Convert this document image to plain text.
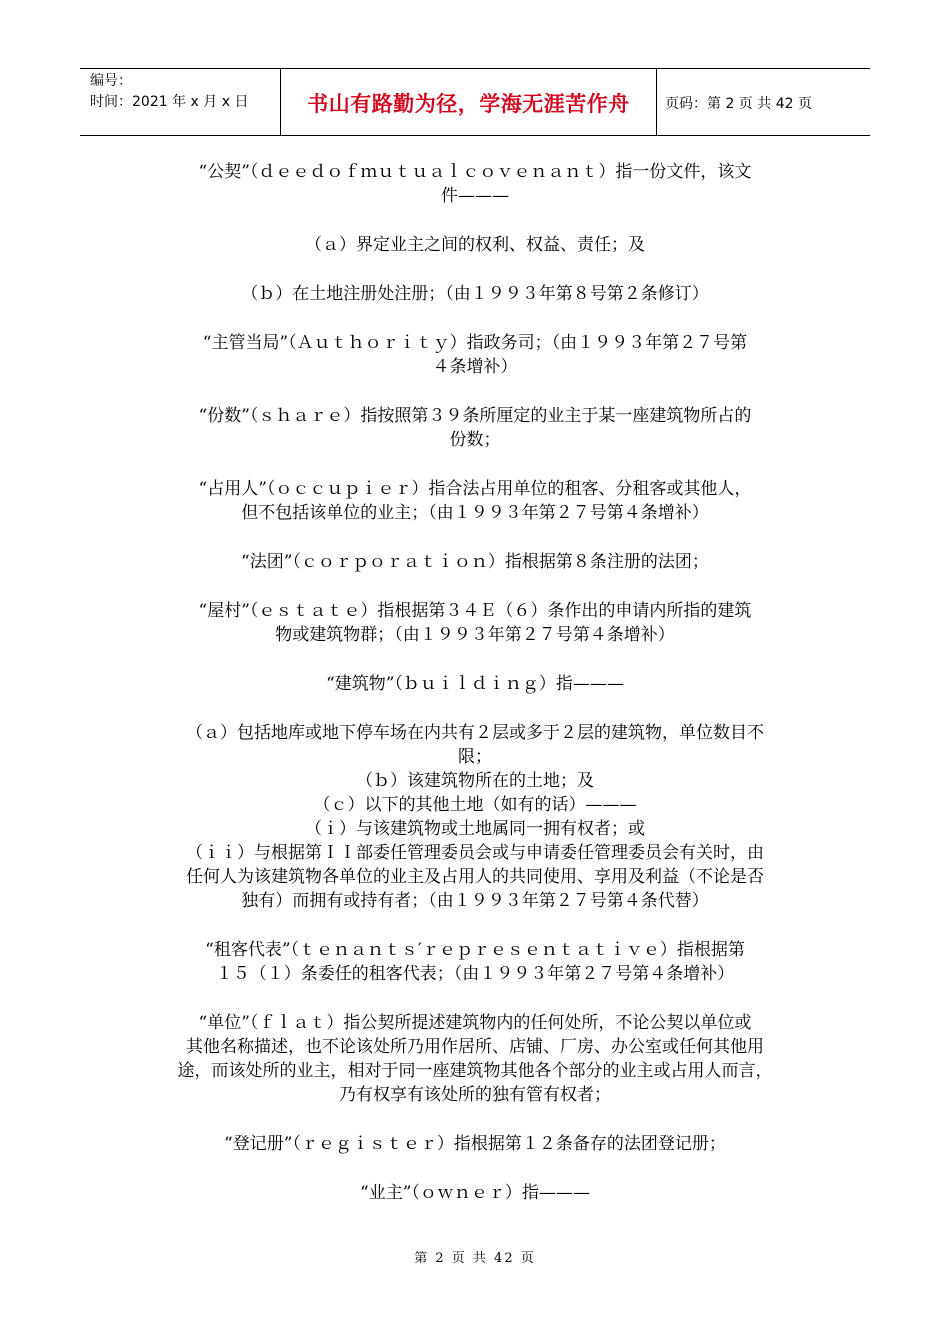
编号：
时间：2021 年 x 月 x 日	书山有路勤为径，学海无涯苦作舟	页码：第 2 页 共 42 页

“公契”（ｄｅｅｄｏｆｍｕｔｕａｌｃｏｖｅｎａｎｔ）指一份文件，该文

件———

（ａ）界定业主之间的权利、权益、责任；及

（ｂ）在土地注册处注册；（由１９９３年第８号第２条修订）

“主管当局”（Ａｕｔｈｏｒｉｔｙ）指政务司；（由１９９３年第２７号第

４条增补）

“份数”（ｓｈａｒｅ）指按照第３９条所厘定的业主于某一座建筑物所占的

份数；

“占用人”（ｏｃｃｕｐｉｅｒ）指合法占用单位的租客、分租客或其他人，

但不包括该单位的业主；（由１９９３年第２７号第４条增补）

“法团”（ｃｏｒｐｏｒａｔｉｏｎ）指根据第８条注册的法团；

“屋村”（ｅｓｔａｔｅ）指根据第３４Ｅ（６）条作出的申请内所指的建筑

物或建筑物群；（由１９９３年第２７号第４条增补）

“建筑物”（ｂｕｉｌｄｉｎｇ）指———

（ａ）包括地库或地下停车场在内共有２层或多于２层的建筑物，单位数目不

限；

（ｂ）该建筑物所在的土地；及

（ｃ）以下的其他土地（如有的话）———

（ｉ）与该建筑物或土地属同一拥有权者；或

（ｉｉ）与根据第ＩＩ部委任管理委员会或与申请委任管理委员会有关时，由

任何人为该建筑物各单位的业主及占用人的共同使用、享用及利益（不论是否

独有）而拥有或持有者；（由１９９３年第２７号第４条代替）

“租客代表”（ｔｅｎａｎｔｓ′ｒｅｐｒｅｓｅｎｔａｔｉｖｅ）指根据第

１５（１）条委任的租客代表；（由１９９３年第２７号第４条增补）

“单位”（ｆｌａｔ）指公契所提述建筑物内的任何处所，不论公契以单位或

其他名称描述，也不论该处所乃用作居所、店铺、厂房、办公室或任何其他用

途，而该处所的业主，相对于同一座建筑物其他各个部分的业主或占用人而言，

乃有权享有该处所的独有管有权者；

“登记册”（ｒｅｇｉｓｔｅｒ）指根据第１２条备存的法团登记册；

“业主”（ｏｗｎｅｒ）指———

第 2 页 共 42 页
